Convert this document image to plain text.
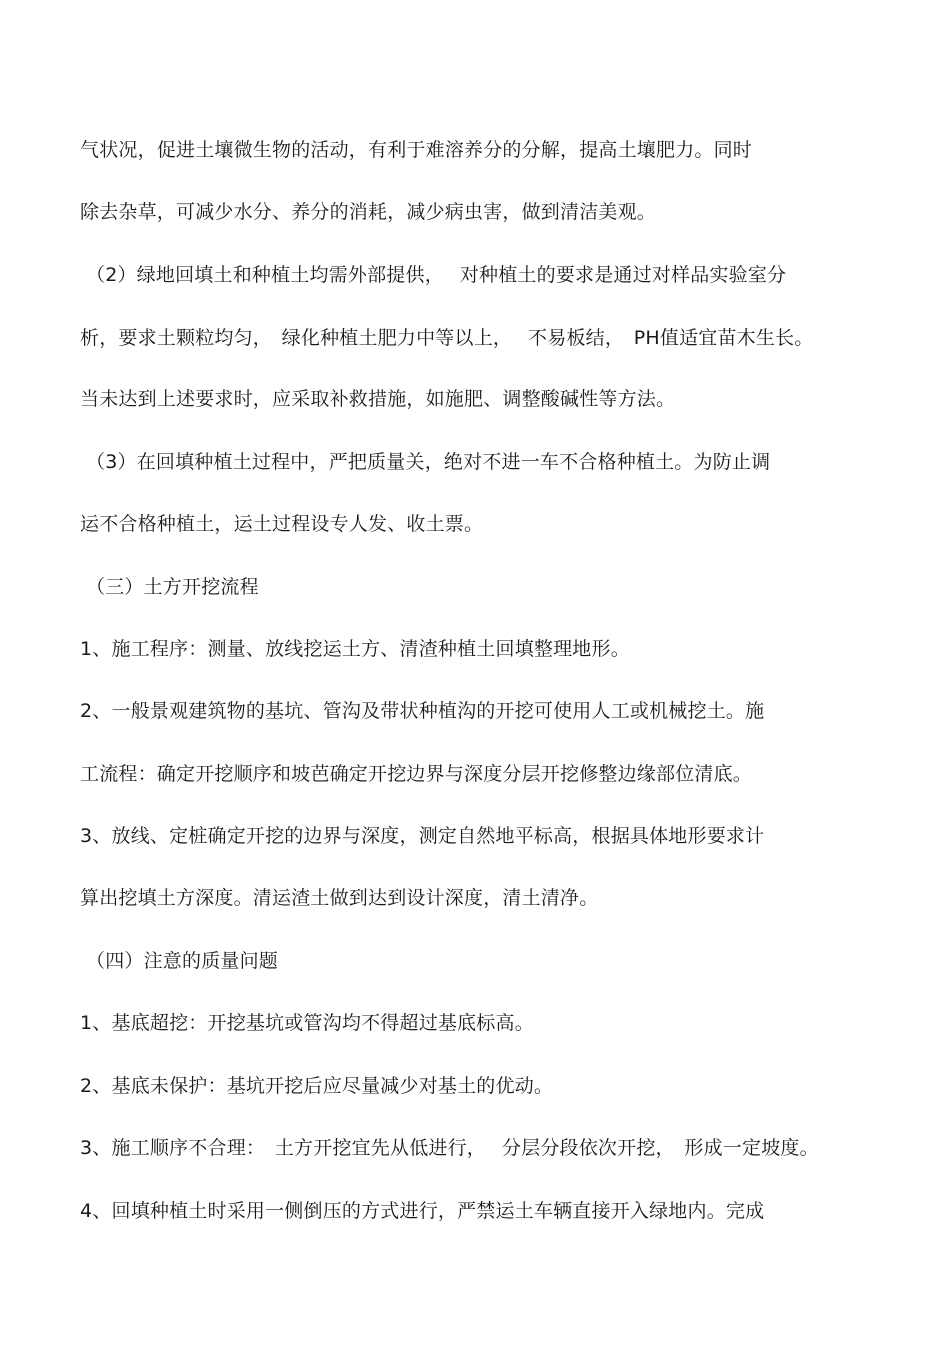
气状况，促进土壤微生物的活动，有利于难溶养分的分解，提高土壤肥力。同时
除去杂草，可减少水分、养分的消耗，减少病虫害，做到清洁美观。
（2）绿地回填土和种植土均需外部提供，　 对种植土的要求是通过对样品实验室分
析，要求土颗粒均匀，　绿化种植土肥力中等以上，　 不易板结，　PH值适宜苗木生长。
当未达到上述要求时，应采取补救措施，如施肥、调整酸碱性等方法。
（3）在回填种植土过程中，严把质量关，绝对不进一车不合格种植土。为防止调
运不合格种植土，运土过程设专人发、收土票。
（三）土方开挖流程
1、施工程序：测量、放线挖运土方、清渣种植土回填整理地形。
2、一般景观建筑物的基坑、管沟及带状种植沟的开挖可使用人工或机械挖土。施
工流程：确定开挖顺序和坡芭确定开挖边界与深度分层开挖修整边缘部位清底。
3、放线、定桩确定开挖的边界与深度，测定自然地平标高，根据具体地形要求计
算出挖填土方深度。清运渣土做到达到设计深度，清土清净。
（四）注意的质量问题
1、基底超挖：开挖基坑或管沟均不得超过基底标高。
2、基底未保护：基坑开挖后应尽量减少对基土的优动。
3、施工顺序不合理：　土方开挖宜先从低进行，　 分层分段依次开挖，　形成一定坡度。
4、回填种植土时采用一侧倒压的方式进行，严禁运土车辆直接开入绿地内。完成
